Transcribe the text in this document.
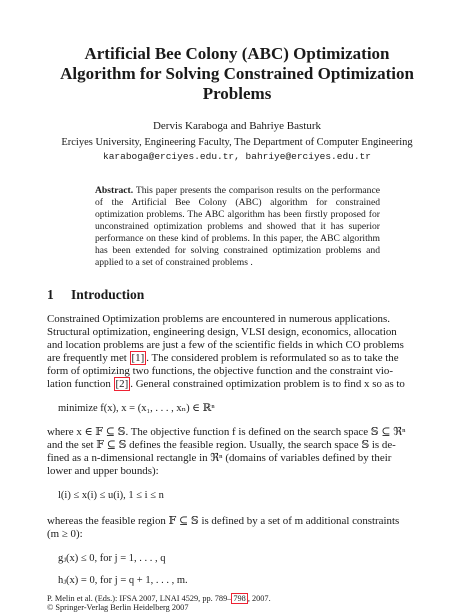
Artificial Bee Colony (ABC) Optimization
Algorithm for Solving Constrained Optimization
Problems
Dervis Karaboga and Bahriye Basturk
Erciyes University, Engineering Faculty, The Department of Computer Engineering
karaboga@erciyes.edu.tr, bahriye@erciyes.edu.tr
Abstract. This paper presents the comparison results on the performance of the Artificial Bee Colony (ABC) algorithm for constrained optimization problems. The ABC algorithm has been firstly proposed for unconstrained optimization problems and showed that it has superior performance on these kind of problems. In this paper, the ABC algorithm has been extended for solving constrained optimization problems and applied to a set of constrained problems .
1 Introduction
Constrained Optimization problems are encountered in numerous applications.
Structural optimization, engineering design, VLSI design, economics, allocation
and location problems are just a few of the scientific fields in which CO problems
are frequently met [1] . The considered problem is reformulated so as to take the
form of optimizing two functions, the objective function and the constraint vio-
lation function [2] . General constrained optimization problem is to find x so as to
minimize f(x), x = (x₁, . . . , xₙ) ∈ ℝⁿ
where x ∈ 𝔽 ⊆ 𝕊. The objective function f is defined on the search space 𝕊 ⊆ ℜⁿ
and the set 𝔽 ⊆ 𝕊 defines the feasible region. Usually, the search space 𝕊 is de-
fined as a n-dimensional rectangle in ℜⁿ (domains of variables defined by their
lower and upper bounds):
l(i) ≤ x(i) ≤ u(i), 1 ≤ i ≤ n
whereas the feasible region 𝔽 ⊆ 𝕊 is defined by a set of m additional constraints
(m ≥ 0):
gⱼ(x) ≤ 0, for j = 1, . . . , q
hⱼ(x) = 0, for j = q + 1, . . . , m.
P. Melin et al. (Eds.): IFSA 2007, LNAI 4529, pp. 789– 798 , 2007.
© Springer-Verlag Berlin Heidelberg 2007
